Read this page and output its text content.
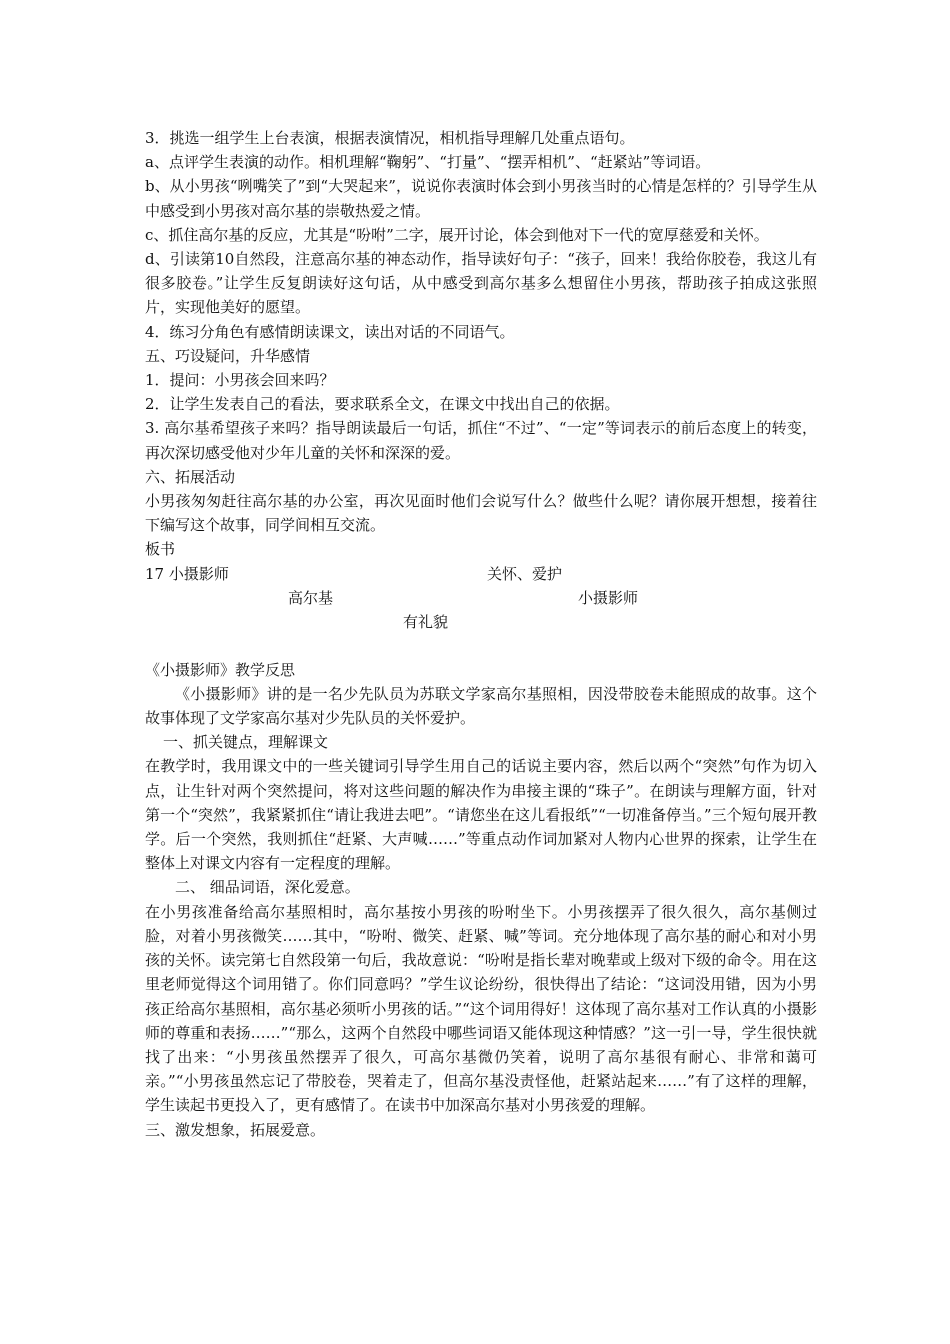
3．挑选一组学生上台表演，根据表演情况，相机指导理解几处重点语句。

a、点评学生表演的动作。相机理解“鞠躬”、“打量”、“摆弄相机”、“赶紧站”等词语。

b、从小男孩“咧嘴笑了”到“大哭起来”，说说你表演时体会到小男孩当时的心情是怎样的？引导学生从中感受到小男孩对高尔基的崇敬热爱之情。

c、抓住高尔基的反应，尤其是“吩咐”二字，展开讨论，体会到他对下一代的宽厚慈爱和关怀。

d、引读第10自然段，注意高尔基的神态动作，指导读好句子：“孩子，回来！我给你胶卷，我这儿有很多胶卷。”让学生反复朗读好这句话，从中感受到高尔基多么想留住小男孩，帮助孩子拍成这张照片，实现他美好的愿望。

4．练习分角色有感情朗读课文，读出对话的不同语气。

五、巧设疑问，升华感情

1．提问：小男孩会回来吗？

2．让学生发表自己的看法，要求联系全文，在课文中找出自己的依据。

3. 高尔基希望孩子来吗？指导朗读最后一句话，抓住“不过”、“一定”等词表示的前后态度上的转变，再次深切感受他对少年儿童的关怀和深深的爱。

六、拓展活动

小男孩匆匆赶往高尔基的办公室，再次见面时他们会说写什么？做些什么呢？请你展开想想，接着往下编写这个故事，同学间相互交流。

板书

17 小摄影师	关怀、爱护
高尔基	小摄影师
有礼貌

《小摄影师》教学反思

《小摄影师》讲的是一名少先队员为苏联文学家高尔基照相，因没带胶卷未能照成的故事。这个故事体现了文学家高尔基对少先队员的关怀爱护。

一、抓关键点，理解课文

在教学时，我用课文中的一些关键词引导学生用自己的话说主要内容，然后以两个“突然”句作为切入点，让生针对两个突然提问，将对这些问题的解决作为串接主课的“珠子”。在朗读与理解方面，针对第一个“突然”，我紧紧抓住“请让我进去吧”。“请您坐在这儿看报纸”“一切准备停当。”三个短句展开教学。后一个突然，我则抓住“赶紧、大声喊……”等重点动作词加紧对人物内心世界的探索，让学生在整体上对课文内容有一定程度的理解。

二、 细品词语，深化爱意。

在小男孩准备给高尔基照相时，高尔基按小男孩的吩咐坐下。小男孩摆弄了很久很久，高尔基侧过脸，对着小男孩微笑……其中，“吩咐、微笑、赶紧、喊”等词。充分地体现了高尔基的耐心和对小男孩的关怀。读完第七自然段第一句后，我故意说：“吩咐是指长辈对晚辈或上级对下级的命令。用在这里老师觉得这个词用错了。你们同意吗？”学生议论纷纷，很快得出了结论：“这词没用错，因为小男孩正给高尔基照相，高尔基必须听小男孩的话。”“这个词用得好！这体现了高尔基对工作认真的小摄影师的尊重和表扬……”“那么，这两个自然段中哪些词语又能体现这种情感？”这一引一导，学生很快就找了出来：“小男孩虽然摆弄了很久，可高尔基微仍笑着，说明了高尔基很有耐心、非常和蔼可亲。”“小男孩虽然忘记了带胶卷，哭着走了，但高尔基没责怪他，赶紧站起来……”有了这样的理解，学生读起书更投入了，更有感情了。在读书中加深高尔基对小男孩爱的理解。

三、激发想象，拓展爱意。
